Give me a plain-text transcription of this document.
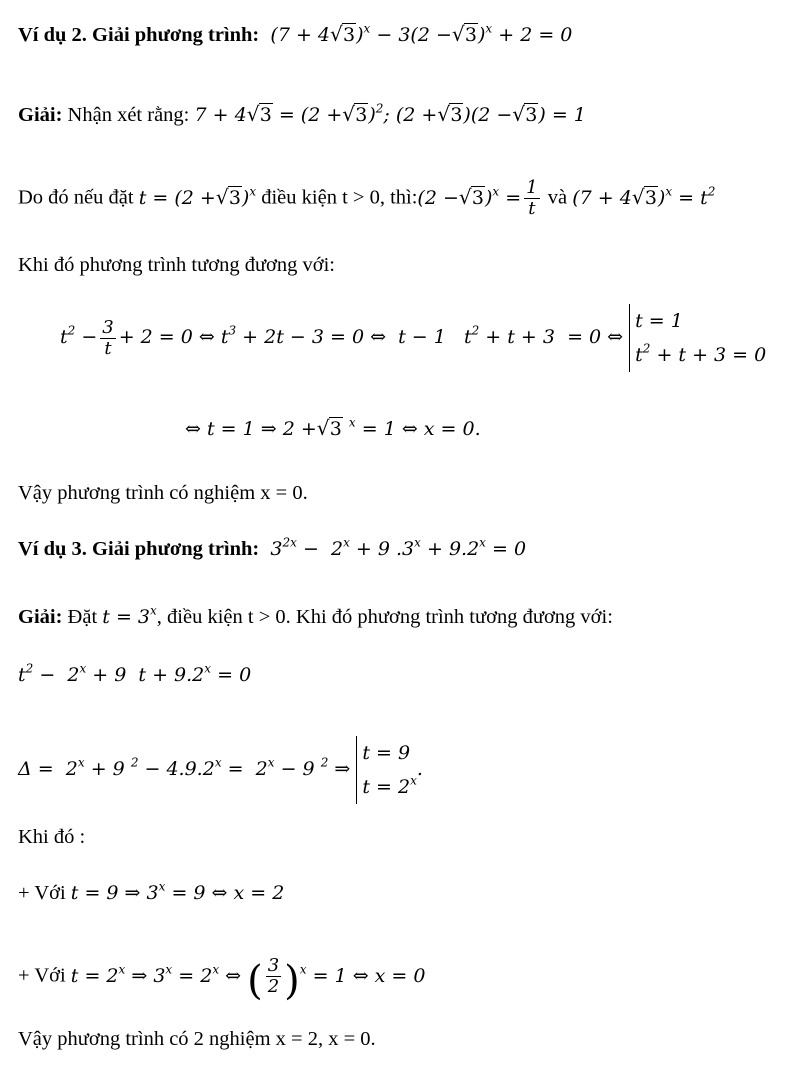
Ví dụ 2. Giải phương trình:  (7 + 4 √ 3)$^x$ − 3(2 − √ 3)$^x$ + 2 = 0
Giải: Nhận xét rằng: 7 + 4 √ 3 = (2 + √ 3)$^2$; (2 + √ 3)(2 − √ 3) = 1
Do đó nếu đặt t = (2 + √ 3)$^x$ điều kiện t > 0, thì:(2 − √ $3)^x = \frac{1}{t}$ và (7 + 4 √ $3)^x = t^2$
Khi đó phương trình tương đương với:
$t^2 - \frac{3}{t} + 2 = 0$ ⇔ $t^3 + 2t - 3 = 0$ ⇔ t − 1 $t^2 + t + 3 = 0$ ⇔
t = 1
$t^2 + t + 3 = 0$
⇔ t = 1 ⇒ 2 + √ 3 $^x$ = 1 ⇔ x = 0.
Vậy phương trình có nghiệm x = 0.
Ví dụ 3. Giải phương trình: $3^{2x} - 2^x + 9$ $.3^x + 9.2^x = 0$
Giải: Đặt $t = 3^x$, điều kiện t > 0. Khi đó phương trình tương đương với:
$t^2 - 2^x + 9$ $t + 9.2^x = 0$
$\Delta = 2^x + 9$ $^2 - 4.9.2^x = 2^x - 9$ $^2$ ⇒
t = 9
$t = 2^x$
.
Khi đó :
+ Với t = 9 ⇒ $3^x = 9$ ⇔ x = 2
+ Với $t = 2^x$ ⇒ $3^x = 2^x$ ⇔ ( $\frac{3}{2} )^x = 1$ ⇔ x = 0
Vậy phương trình có 2 nghiệm x = 2, x = 0.
